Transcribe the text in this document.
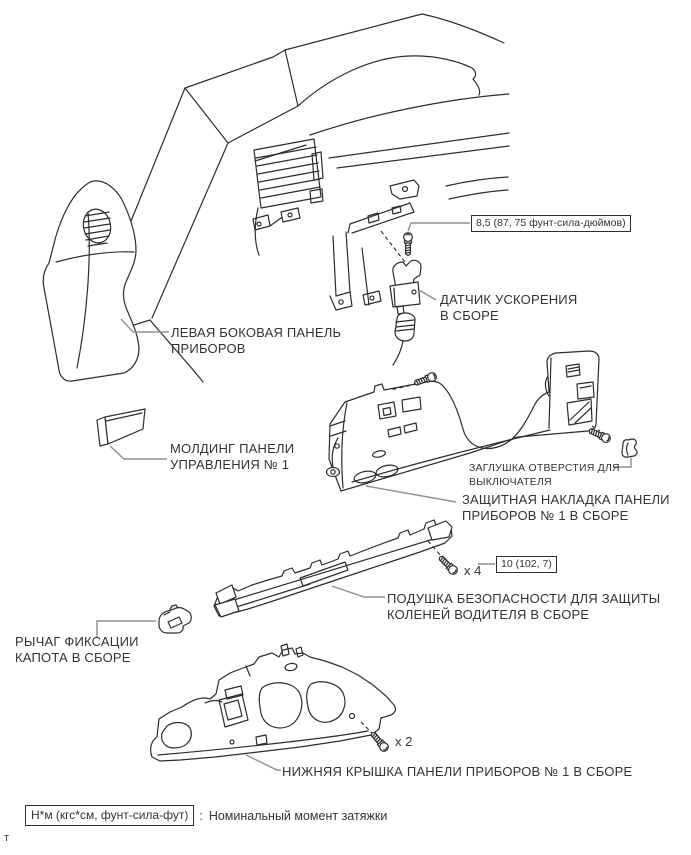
8,5 (87, 75 фунт-сила-дюймов)
10 (102, 7)
ДАТЧИК УСКОРЕНИЯ
В СБОРЕ
ЛЕВАЯ БОКОВАЯ ПАНЕЛЬ
ПРИБОРОВ
МОЛДИНГ ПАНЕЛИ
УПРАВЛЕНИЯ № 1	ЗАГЛУШКА ОТВЕРСТИЯ ДЛЯ
ВЫКЛЮЧАТЕЛЯ
ЗАЩИТНАЯ НАКЛАДКА ПАНЕЛИ
ПРИБОРОВ № 1 В СБОРЕ
ПОДУШКА БЕЗОПАСНОСТИ ДЛЯ ЗАЩИТЫ
КОЛЕНЕЙ ВОДИТЕЛЯ В СБОРЕ
РЫЧАГ ФИКСАЦИИ
КАПОТА В СБОРЕ
НИЖНЯЯ КРЫШКА ПАНЕЛИ ПРИБОРОВ № 1 В СБОРЕ
x 4
x 2
Н*м (кгс*см, фунт-сила-фут) : Номинальный момент затяжки
т
